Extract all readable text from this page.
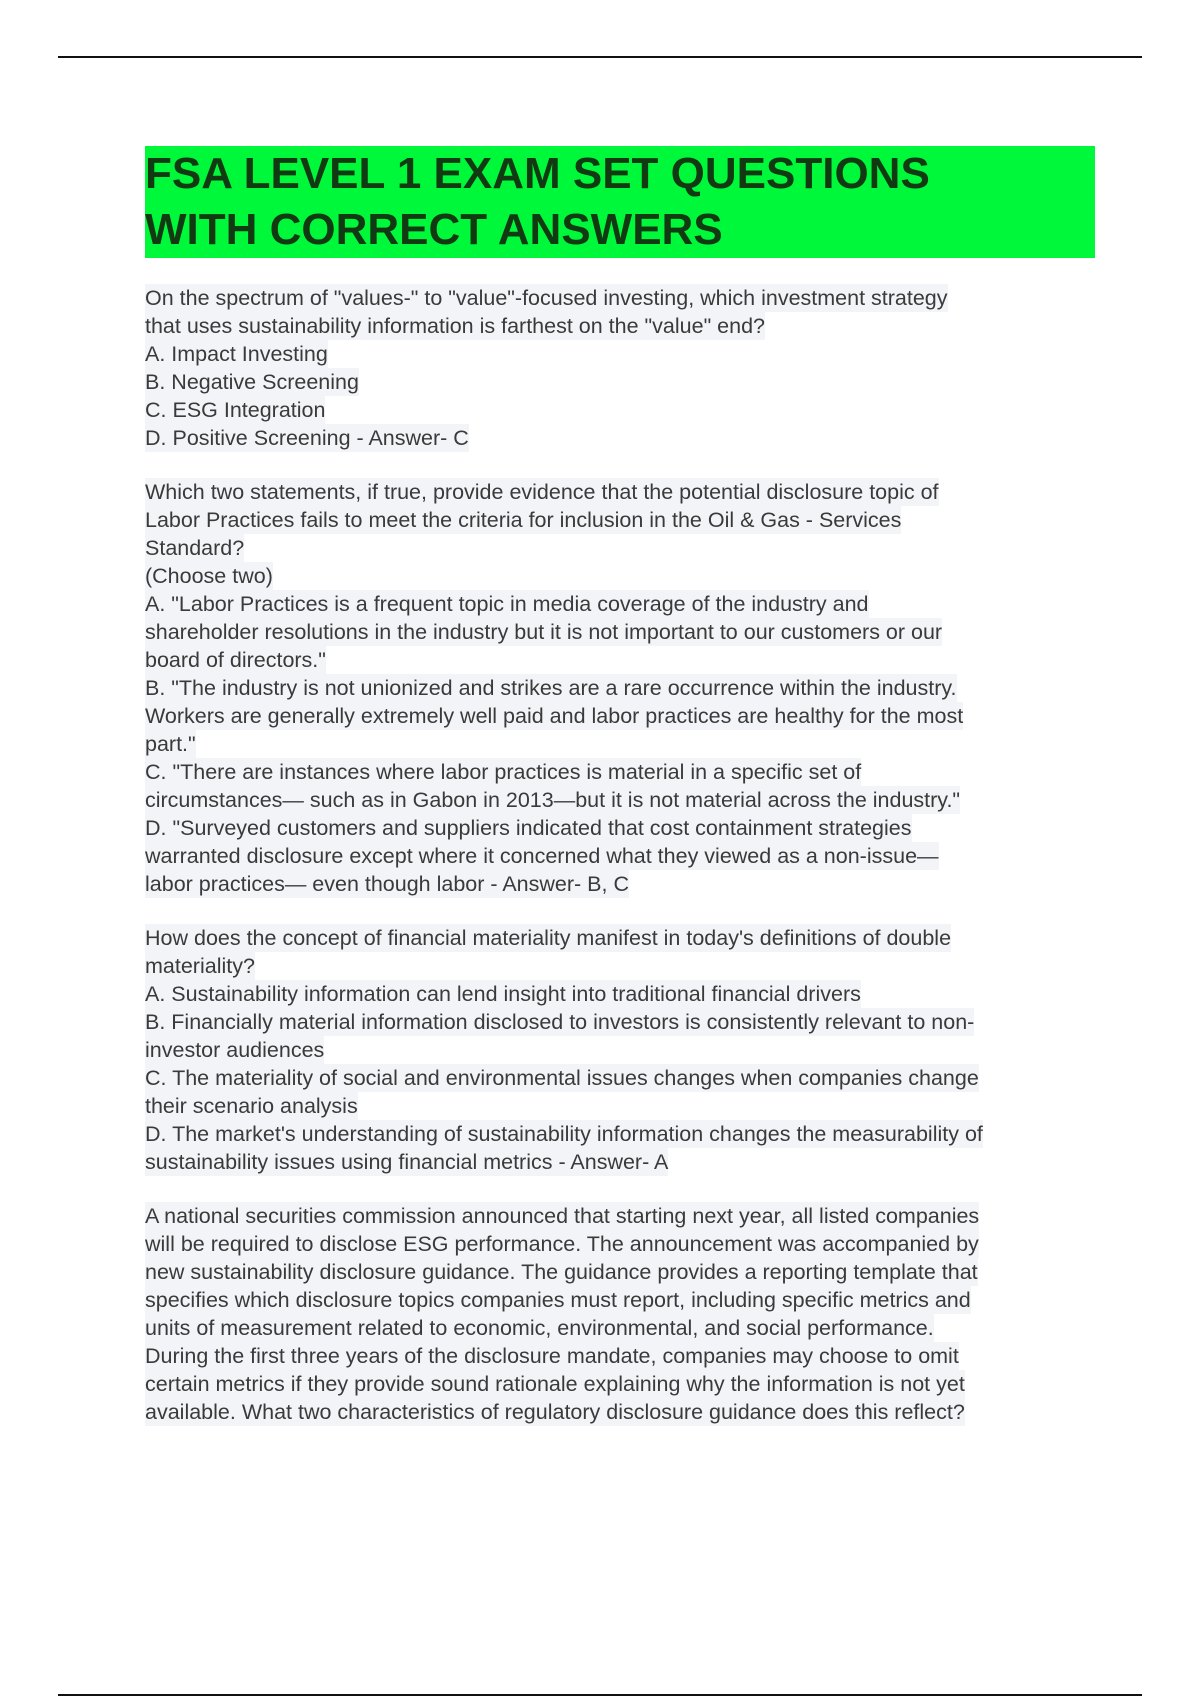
FSA LEVEL 1 EXAM SET QUESTIONS
WITH CORRECT ANSWERS
On the spectrum of "values-" to "value"-focused investing, which investment strategy
that uses sustainability information is farthest on the "value" end?
A. Impact Investing
B. Negative Screening
C. ESG Integration
D. Positive Screening - Answer- C
Which two statements, if true, provide evidence that the potential disclosure topic of
Labor Practices fails to meet the criteria for inclusion in the Oil & Gas - Services
Standard?
(Choose two)
A. "Labor Practices is a frequent topic in media coverage of the industry and
shareholder resolutions in the industry but it is not important to our customers or our
board of directors."
B. "The industry is not unionized and strikes are a rare occurrence within the industry.
Workers are generally extremely well paid and labor practices are healthy for the most
part."
C. "There are instances where labor practices is material in a specific set of
circumstances— such as in Gabon in 2013—but it is not material across the industry."
D. "Surveyed customers and suppliers indicated that cost containment strategies
warranted disclosure except where it concerned what they viewed as a non-issue—
labor practices— even though labor - Answer- B, C
How does the concept of financial materiality manifest in today's definitions of double
materiality?
A. Sustainability information can lend insight into traditional financial drivers
B. Financially material information disclosed to investors is consistently relevant to non-
investor audiences
C. The materiality of social and environmental issues changes when companies change
their scenario analysis
D. The market's understanding of sustainability information changes the measurability of
sustainability issues using financial metrics - Answer- A
A national securities commission announced that starting next year, all listed companies
will be required to disclose ESG performance. The announcement was accompanied by
new sustainability disclosure guidance. The guidance provides a reporting template that
specifies which disclosure topics companies must report, including specific metrics and
units of measurement related to economic, environmental, and social performance.
During the first three years of the disclosure mandate, companies may choose to omit
certain metrics if they provide sound rationale explaining why the information is not yet
available. What two characteristics of regulatory disclosure guidance does this reflect?
